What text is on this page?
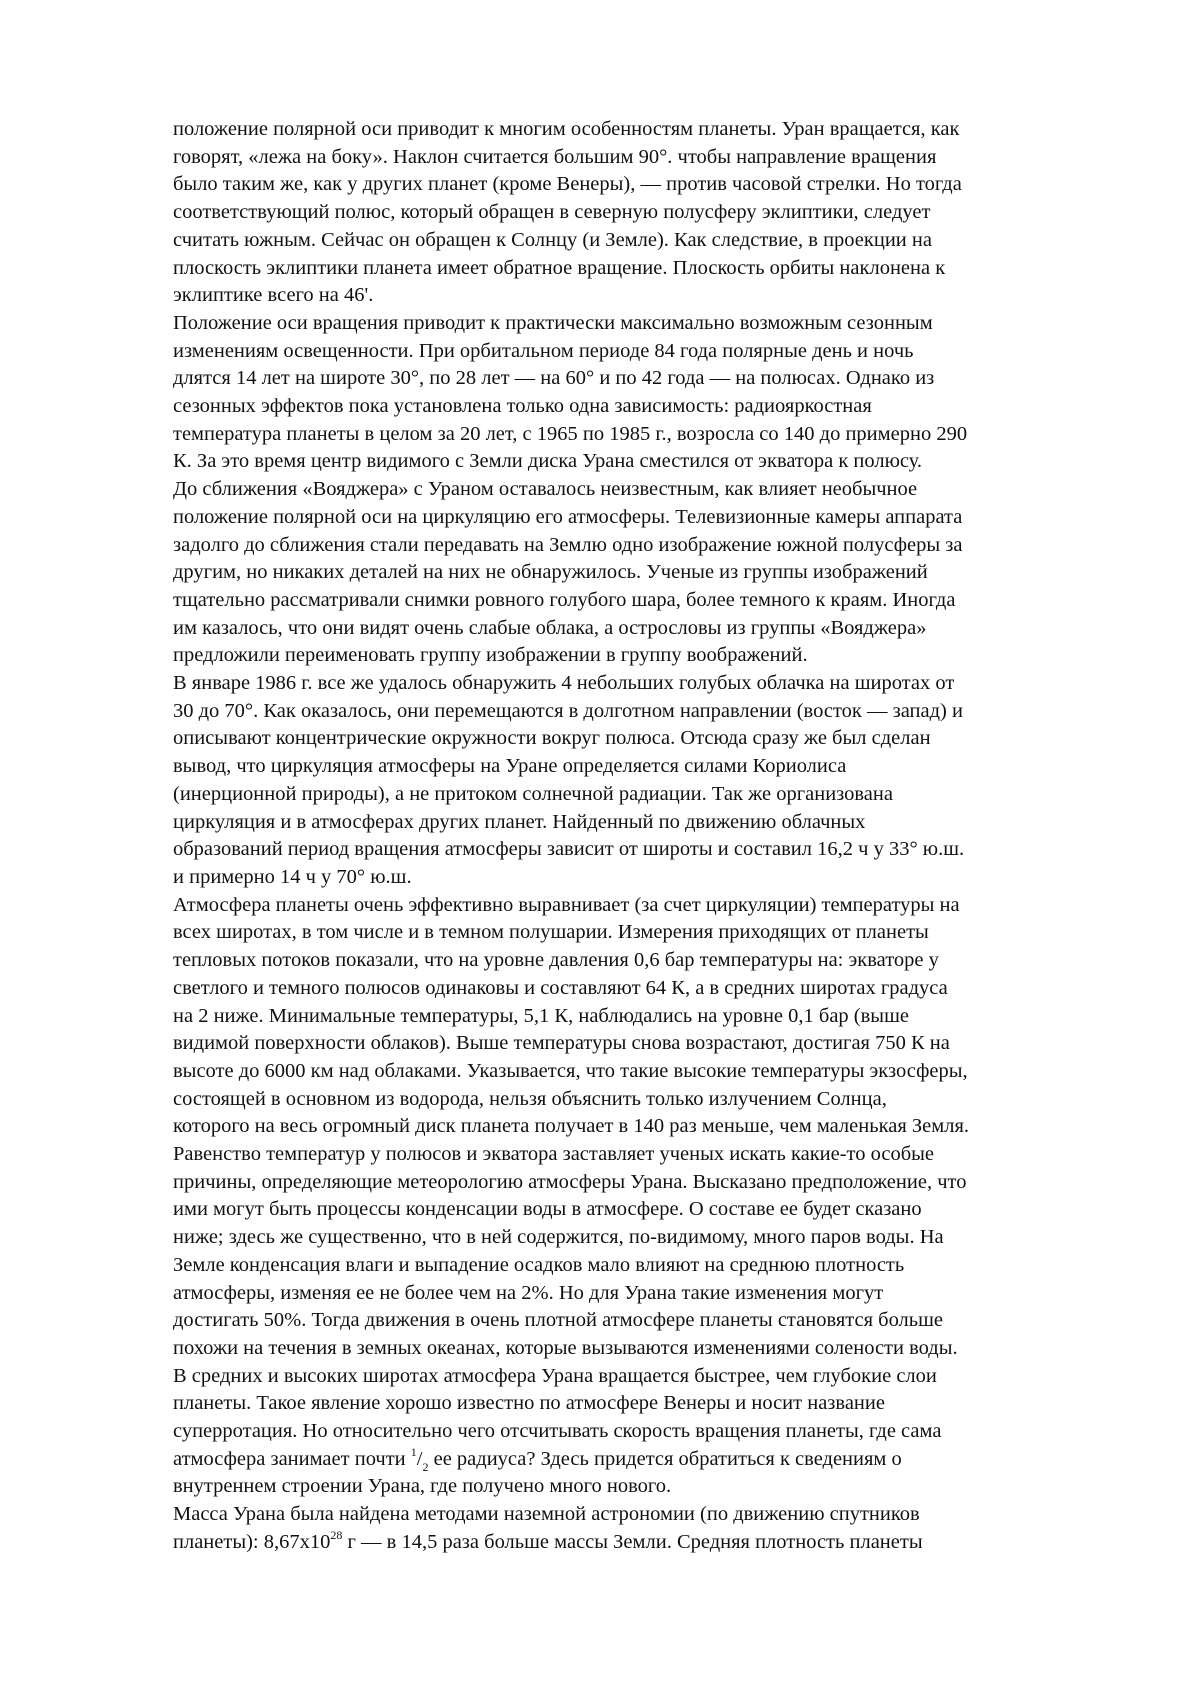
положение полярной оси приводит к многим особенностям планеты. Уран вращается, как
говорят, «лежа на боку». Наклон считается большим 90°. чтобы направление вращения
было таким же, как у других планет (кроме Венеры), — против часовой стрелки. Но тогда
соответствующий полюс, который обращен в северную полусферу эклиптики, следует
считать южным. Сейчас он обращен к Солнцу (и Земле). Как следствие, в проекции на
плоскость эклиптики планета имеет обратное вращение. Плоскость орбиты наклонена к
эклиптике всего на 46'.
Положение оси вращения приводит к практически максимально возможным сезонным
изменениям освещенности. При орбитальном периоде 84 года полярные день и ночь
длятся 14 лет на широте 30°, по 28 лет — на 60° и по 42 года — на полюсах. Однако из
сезонных эффектов пока установлена только одна зависимость: радиояркостная
температура планеты в целом за 20 лет, с 1965 по 1985 г., возросла со 140 до примерно 290
К. За это время центр видимого с Земли диска Урана сместился от экватора к полюсу.
До сближения «Вояджера» с Ураном оставалось неизвестным, как влияет необычное
положение полярной оси на циркуляцию его атмосферы. Телевизионные камеры аппарата
задолго до сближения стали передавать на Землю одно изображение южной полусферы за
другим, но никаких деталей на них не обнаружилось. Ученые из группы изображений
тщательно рассматривали снимки ровного голубого шара, более темного к краям. Иногда
им казалось, что они видят очень слабые облака, а острословы из группы «Вояджера»
предложили переименовать группу изображении в группу воображений.
В январе 1986 г. все же удалось обнаружить 4 небольших голубых облачка на широтах от
30 до 70°. Как оказалось, они перемещаются в долготном направлении (восток — запад) и
описывают концентрические окружности вокруг полюса. Отсюда сразу же был сделан
вывод, что циркуляция атмосферы на Уране определяется силами Кориолиса
(инерционной природы), а не притоком солнечной радиации. Так же организована
циркуляция и в атмосферах других планет. Найденный по движению облачных
образований период вращения атмосферы зависит от широты и составил 16,2 ч у 33° ю.ш.
и примерно 14 ч у 70° ю.ш.
Атмосфера планеты очень эффективно выравнивает (за счет циркуляции) температуры на
всех широтах, в том числе и в темном полушарии. Измерения приходящих от планеты
тепловых потоков показали, что на уровне давления 0,6 бар температуры на: экваторе у
светлого и темного полюсов одинаковы и составляют 64 К, а в средних широтах градуса
на 2 ниже. Минимальные температуры, 5,1 К, наблюдались на уровне 0,1 бар (выше
видимой поверхности облаков). Выше температуры снова возрастают, достигая 750 К на
высоте до 6000 км над облаками. Указывается, что такие высокие температуры экзосферы,
состоящей в основном из водорода, нельзя объяснить только излучением Солнца,
которого на весь огромный диск планета получает в 140 раз меньше, чем маленькая Земля.
Равенство температур у полюсов и экватора заставляет ученых искать какие-то особые
причины, определяющие метеорологию атмосферы Урана. Высказано предположение, что
ими могут быть процессы конденсации воды в атмосфере. О составе ее будет сказано
ниже; здесь же существенно, что в ней содержится, по-видимому, много паров воды. На
Земле конденсация влаги и выпадение осадков мало влияют на среднюю плотность
атмосферы, изменяя ее не более чем на 2%. Но для Урана такие изменения могут
достигать 50%. Тогда движения в очень плотной атмосфере планеты становятся больше
похожи на течения в земных океанах, которые вызываются изменениями солености воды.
В средних и высоких широтах атмосфера Урана вращается быстрее, чем глубокие слои
планеты. Такое явление хорошо известно по атмосфере Венеры и носит название
суперротация. Но относительно чего отсчитывать скорость вращения планеты, где сама
атмосфера занимает почти $^1/_2$ ее радиуса? Здесь придется обратиться к сведениям о
внутреннем строении Урана, где получено много нового.
Масса Урана была найдена методами наземной астрономии (по движению спутников
планеты): $8,67x10^{28}$ г — в 14,5 раза больше массы Земли. Средняя плотность планеты
